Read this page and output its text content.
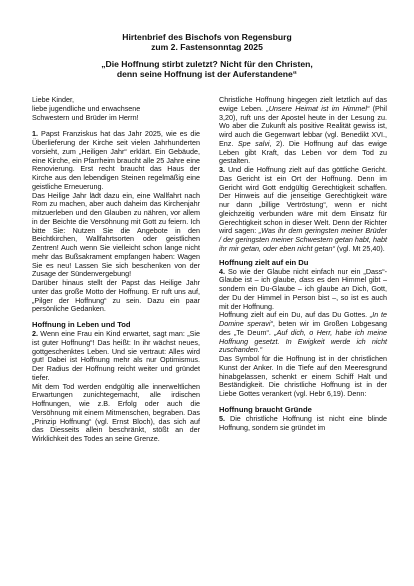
Hirtenbrief des Bischofs von Regensburg
zum 2. Fastensonntag 2025
„Die Hoffnung stirbt zuletzt? Nicht für den Christen,
denn seine Hoffnung ist der Auferstandene“

Liebe Kinder,
liebe jugendliche und erwachsene
Schwestern und Brüder im Herrn!

1. Papst Franziskus hat das Jahr 2025, wie es die Überlieferung der Kirche seit vielen Jahrhunderten vorsieht, zum „Heiligen Jahr“ erklärt. Ein Gebäude, eine Kirche, ein Pfarrheim braucht alle 25 Jahre eine Renovierung. Erst recht braucht das Haus der Kirche aus den lebendigen Steinen regelmäßig eine geistliche Erneuerung.

Das Heilige Jahr lädt dazu ein, eine Wallfahrt nach Rom zu machen, aber auch daheim das Kirchenjahr mitzuerleben und den Glauben zu nähren, vor allem in der Beichte die Versöhnung mit Gott zu feiern. Ich bitte Sie: Nutzen Sie die Angebote in den Beichtkirchen, Wallfahrtsorten oder geistlichen Zentren! Auch wenn Sie vielleicht schon lange nicht mehr das Bußsakrament empfangen haben: Wagen Sie es neu! Lassen Sie sich beschenken von der Zusage der Sündenvergebung!

Darüber hinaus stellt der Papst das Heilige Jahr unter das große Motto der Hoffnung. Er ruft uns auf, „Pilger der Hoffnung“ zu sein. Dazu ein paar persönliche Gedanken.

Hoffnung in Leben und Tod

2. Wenn eine Frau ein Kind erwartet, sagt man: „Sie ist guter Hoffnung“! Das heißt: In ihr wächst neues, gottgeschenktes Leben. Und sie vertraut: Alles wird gut! Dabei ist Hoffnung mehr als nur Optimismus. Der Radius der Hoffnung reicht weiter und gründet tiefer.

Mit dem Tod werden endgültig alle innerweltlichen Erwartungen zunichtegemacht, alle irdischen Hoffnungen, wie z.B. Erfolg oder auch die Versöhnung mit einem Mitmenschen, begraben. Das „Prinzip Hoffnung“ (vgl. Ernst Bloch), das sich auf das Diesseits allein beschränkt, stößt an der Wirklichkeit des Todes an seine Grenze.

Christliche Hoffnung hingegen zielt letztlich auf das ewige Leben. „Unsere Heimat ist im Himmel“ (Phil 3,20), ruft uns der Apostel heute in der Lesung zu. Wo aber die Zukunft als positive Realität gewiss ist, wird auch die Gegenwart lebbar (vgl. Benedikt XVI., Enz. Spe salvi, 2). Die Hoffnung auf das ewige Leben gibt Kraft, das Leben vor dem Tod zu gestalten.

3. Und die Hoffnung zielt auf das göttliche Gericht. Das Gericht ist ein Ort der Hoffnung. Denn im Gericht wird Gott endgültig Gerechtigkeit schaffen. Der Hinweis auf die jenseitige Gerechtigkeit wäre nur dann „billige Vertröstung“, wenn er nicht gleichzeitig verbunden wäre mit dem Einsatz für Gerechtigkeit schon in dieser Welt. Denn der Richter wird sagen: „Was ihr dem geringsten meiner Brüder / der geringsten meiner Schwestern getan habt, habt ihr mir getan, oder eben nicht getan“ (vgl. Mt 25,40).

Hoffnung zielt auf ein Du

4. So wie der Glaube nicht einfach nur ein „Dass“-Glaube ist – ich glaube, dass es den Himmel gibt – sondern ein Du-Glaube – ich glaube an Dich, Gott, der Du der Himmel in Person bist –, so ist es auch mit der Hoffnung.

Hoffnung zielt auf ein Du, auf das Du Gottes. „In te Domine speravi“, beten wir im Großen Lobgesang des „Te Deum“. „Auf dich, o Herr, habe ich meine Hoffnung gesetzt. In Ewigkeit werde ich nicht zuschanden.“

Das Symbol für die Hoffnung ist in der christlichen Kunst der Anker. In die Tiefe auf den Meeresgrund hinabgelassen, schenkt er einem Schiff Halt und Beständigkeit. Die christliche Hoffnung ist in der Liebe Gottes verankert (vgl. Hebr 6,19). Denn:

Hoffnung braucht Gründe

5. Die christliche Hoffnung ist nicht eine blinde Hoffnung, sondern sie gründet im
